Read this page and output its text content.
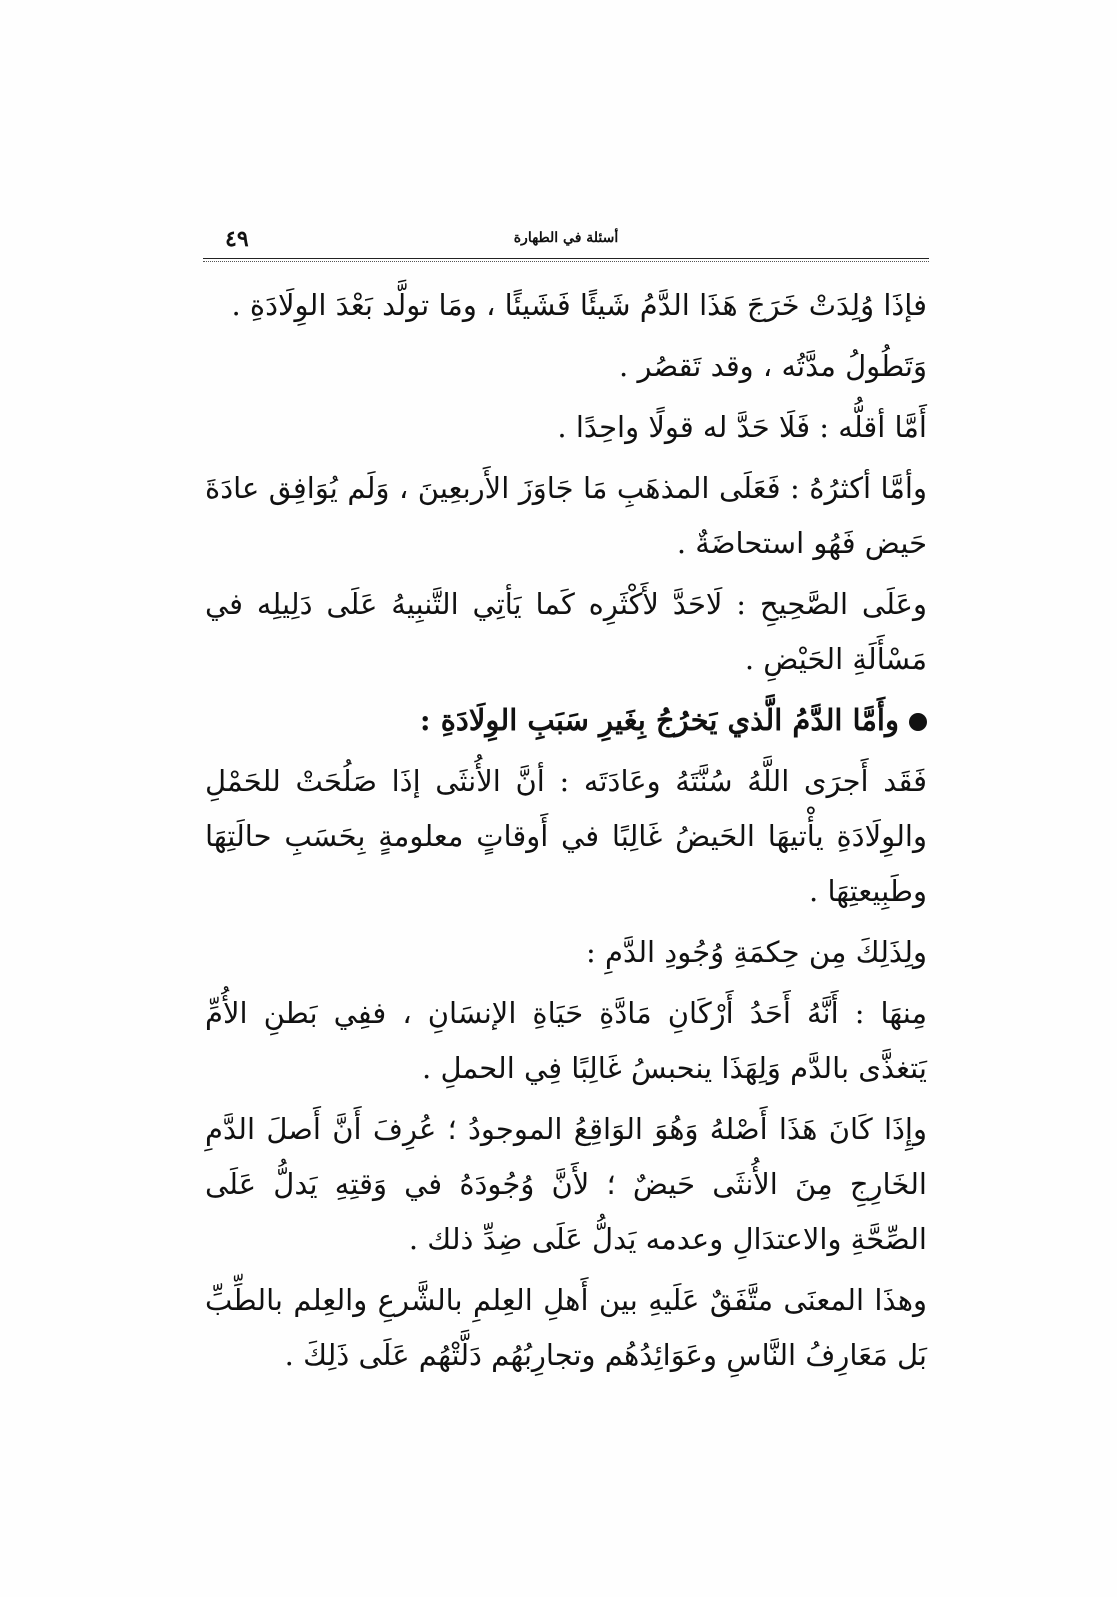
٤٩	أسئلة في الطهارة

فإذَا وُلِدَتْ خَرَجَ هَذَا الدَّمُ شَيئًا فَشَيئًا ، ومَا تولَّد بَعْدَ الوِلَادَةِ .

وَتَطُولُ مدَّتُه ، وقد تَقصُر .

أَمَّا أقلُّه : فَلَا حَدَّ له قولًا واحِدًا .

وأمَّا أكثرُهُ : فَعَلَى المذهَبِ مَا جَاوَزَ الأَربعِينَ ، وَلَم يُوَافِق عادَةَ حَيض فَهُو استحاضَةٌ .

وعَلَى الصَّحِيحِ : لَاحَدَّ لأَكْثَرِه كَما يَأتِي التَّنبِيهُ عَلَى دَلِيلِه في مَسْأَلَةِ الحَيْضِ .

وأَمَّا الدَّمُ الَّذي يَخرُجُ بِغَيرِ سَبَبِ الوِلَادَةِ :

فَقَد أَجرَى اللَّهُ سُنَّتَهُ وعَادَتَه : أنَّ الأُنثَى إذَا صَلُحَتْ للحَمْلِ والوِلَادَةِ يأْتيهَا الحَيضُ غَالِبًا في أَوقاتٍ معلومةٍ بِحَسَبِ حالَتِهَا وطَبِيعتِهَا .

ولِذَلِكَ مِن حِكمَةِ وُجُودِ الدَّمِ :

مِنهَا : أَنَّهُ أَحَدُ أَرْكَانِ مَادَّةِ حَيَاةِ الإنسَانِ ، ففِي بَطنِ الأُمِّ يَتغذَّى بالدَّم وَلِهَذَا ينحبسُ غَالِبًا فِي الحملِ .

وإِذَا كَانَ هَذَا أَصْلهُ وَهُوَ الوَاقِعُ الموجودُ ؛ عُرِفَ أَنَّ أَصلَ الدَّمِ الخَارِجِ مِنَ الأُنثَى حَيضٌ ؛ لأَنَّ وُجُودَهُ في وَقتِهِ يَدلُّ عَلَى الصِّحَّةِ والاعتدَالِ وعدمه يَدلُّ عَلَى ضِدِّ ذلك .

وهذَا المعنَى متَّفَقٌ عَلَيهِ بين أَهلِ العِلمِ بالشَّرعِ والعِلم بالطِّبِّ بَل مَعَارِفُ النَّاسِ وعَوَائِدُهُم وتجارِبُهُم دَلَّتْهُم عَلَى ذَلِكَ .
